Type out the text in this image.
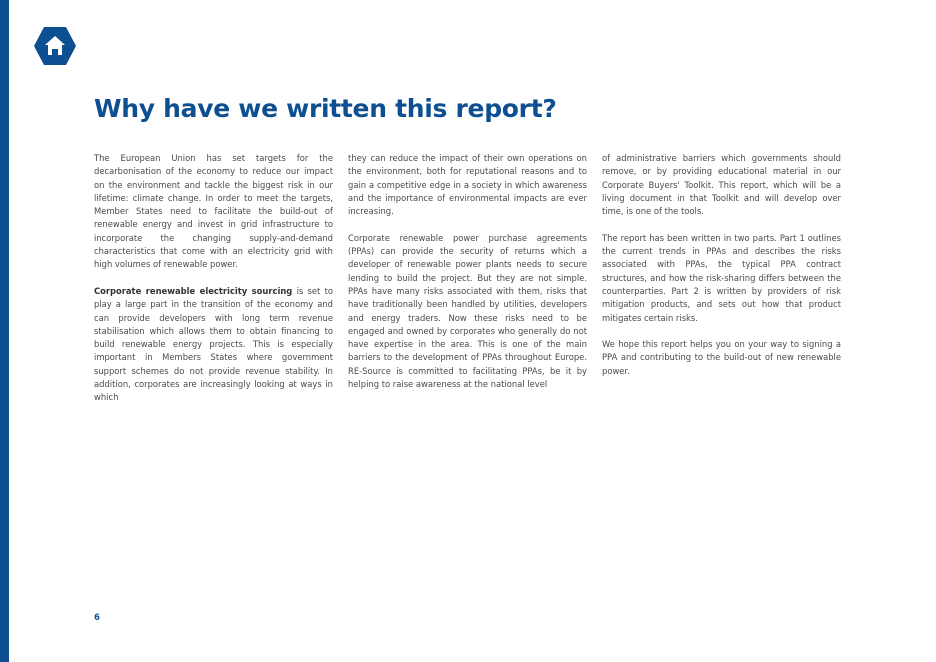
Why have we written this report?

The European Union has set targets for the decarbonisation of the economy to reduce our impact on the environment and tackle the biggest risk in our lifetime: climate change. In order to meet the targets, Member States need to facilitate the build-out of renewable energy and invest in grid infrastructure to incorporate the changing supply-and-demand characteristics that come with an electricity grid with high volumes of renewable power.

Corporate renewable electricity sourcing is set to play a large part in the transition of the economy and can provide developers with long term revenue stabilisation which allows them to obtain financing to build renewable energy projects. This is especially important in Members States where government support schemes do not provide revenue stability. In addition, corporates are increasingly looking at ways in which

they can reduce the impact of their own operations on the environment, both for reputational reasons and to gain a competitive edge in a society in which awareness and the importance of environmental impacts are ever increasing.

Corporate renewable power purchase agreements (PPAs) can provide the security of returns which a developer of renewable power plants needs to secure lending to build the project. But they are not simple. PPAs have many risks associated with them, risks that have traditionally been handled by utilities, developers and energy traders. Now these risks need to be engaged and owned by corporates who generally do not have expertise in the area. This is one of the main barriers to the development of PPAs throughout Europe. RE-Source is committed to facilitating PPAs, be it by helping to raise awareness at the national level

of administrative barriers which governments should remove, or by providing educational material in our Corporate Buyers' Toolkit. This report, which will be a living document in that Toolkit and will develop over time, is one of the tools.

The report has been written in two parts. Part 1 outlines the current trends in PPAs and describes the risks associated with PPAs, the typical PPA contract structures, and how the risk-sharing differs between the counterparties. Part 2 is written by providers of risk mitigation products, and sets out how that product mitigates certain risks.

We hope this report helps you on your way to signing a PPA and contributing to the build-out of new renewable power.

6
